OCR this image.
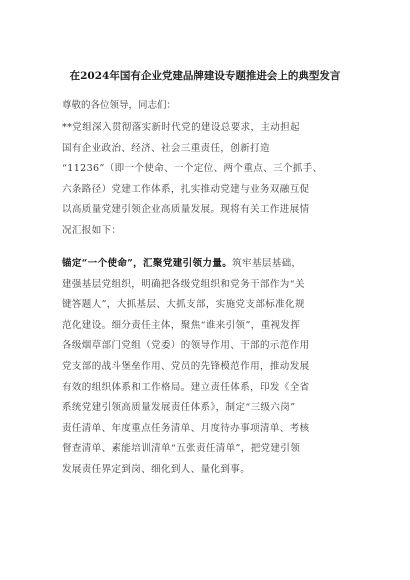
在2024年国有企业党建品牌建设专题推进会上的典型发言
尊敬的各位领导，同志们：
**党组深入贯彻落实新时代党的建设总要求，主动担起
国有企业政治、经济、社会三重责任，创新打造
“11236”（即一个使命、一个定位、两个重点、三个抓手、
六条路径）党建工作体系，扎实推动党建与业务双融互促
以高质量党建引领企业高质量发展。现将有关工作进展情
况汇报如下：
锚定“一个使命”，汇聚党建引领力量。筑牢基层基础，
建强基层党组织，明确把各级党组织和党务干部作为“关
键答题人”，大抓基层、大抓支部，实施党支部标准化规
范化建设。细分责任主体，聚焦“谁来引领”，重视发挥
各级烟草部门党组（党委）的领导作用、干部的示范作用
党支部的战斗堡垒作用、党员的先锋模范作用，推动发展
有效的组织体系和工作格局。建立责任体系，印发《全省
系统党建引领高质量发展责任体系》，制定“三级六岗”
责任清单、年度重点任务清单、月度待办事项清单、考核
督查清单、素能培训清单“五张责任清单”，把党建引领
发展责任界定到岗、细化到人、量化到事。
